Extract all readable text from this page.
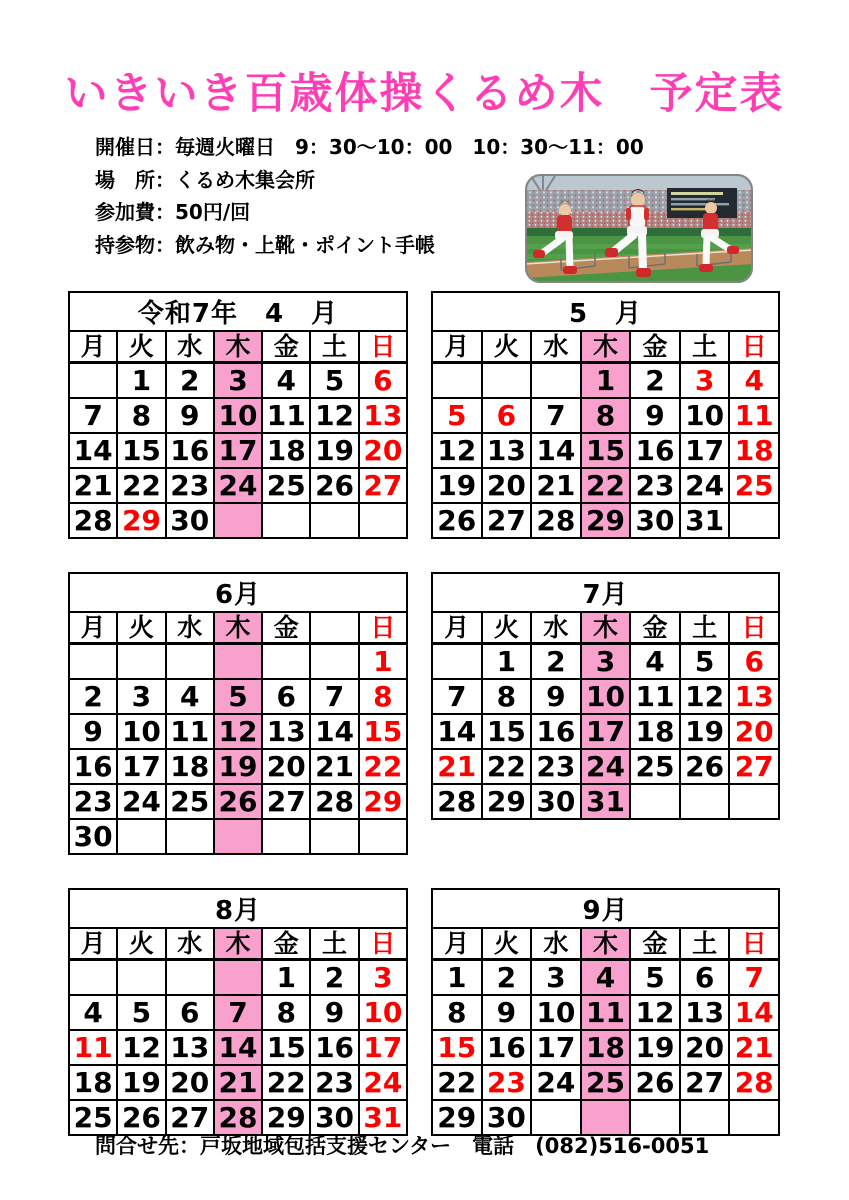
いきいき百歳体操くるめ木　予定表
開催日：毎週火曜日　9：30～10：00　10：30～11：00
場　所：くるめ木集会所
参加費：50円/回
持参物：飲み物・上靴・ポイント手帳
令和7年　4　月						
月	火	水	木	金	土	日
	1	2	3	4	5	6
7	8	9	10	11	12	13
14	15	16	17	18	19	20
21	22	23	24	25	26	27
28	29	30				
5　月						
月	火	水	木	金	土	日
			1	2	3	4
5	6	7	8	9	10	11
12	13	14	15	16	17	18
19	20	21	22	23	24	25
26	27	28	29	30	31	
6月						
月	火	水	木	金		日
						1
2	3	4	5	6	7	8
9	10	11	12	13	14	15
16	17	18	19	20	21	22
23	24	25	26	27	28	29
30						
7月						
月	火	水	木	金	土	日
	1	2	3	4	5	6
7	8	9	10	11	12	13
14	15	16	17	18	19	20
21	22	23	24	25	26	27
28	29	30	31			
8月						
月	火	水	木	金	土	日
				1	2	3
4	5	6	7	8	9	10
11	12	13	14	15	16	17
18	19	20	21	22	23	24
25	26	27	28	29	30	31
9月						
月	火	水	木	金	土	日
1	2	3	4	5	6	7
8	9	10	11	12	13	14
15	16	17	18	19	20	21
22	23	24	25	26	27	28
29	30					
問合せ先：戸坂地域包括支援センター　電話　(082)516-0051
